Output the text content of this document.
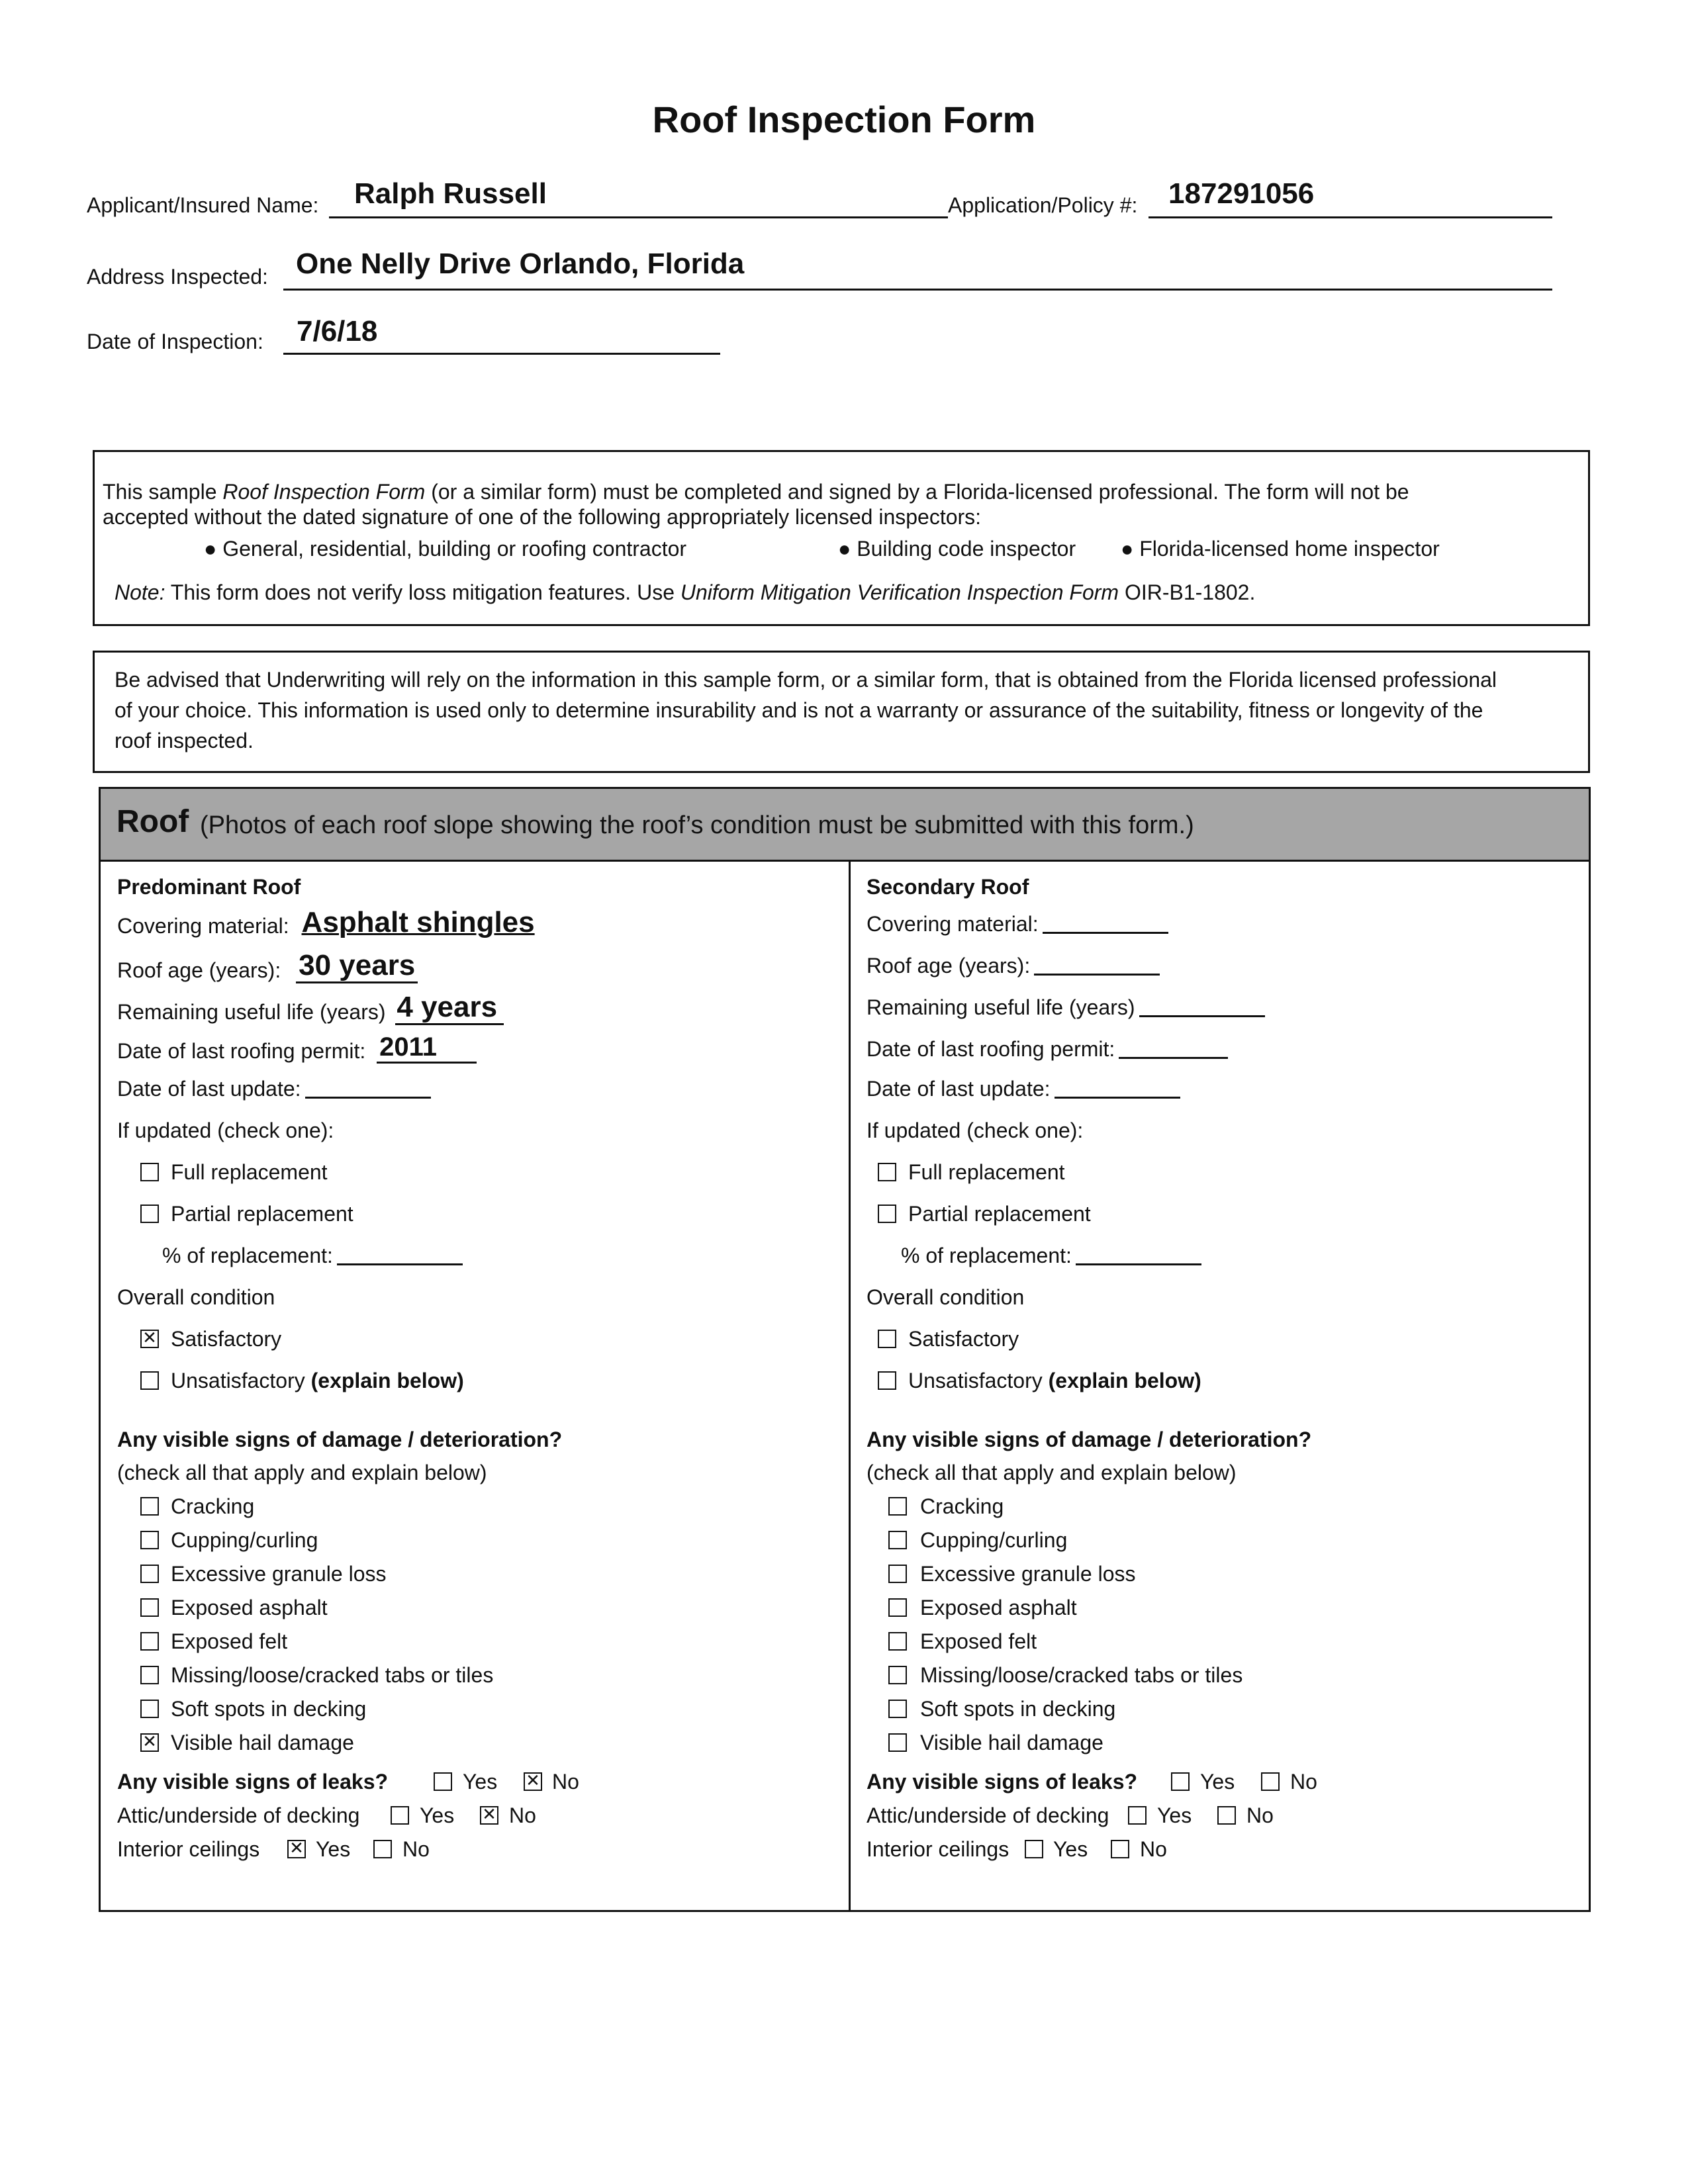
Roof Inspection Form
Applicant/Insured Name: Ralph Russell	Application/Policy #: 187291056
Address Inspected: One Nelly Drive Orlando, Florida
Date of Inspection: 7/6/18
This sample Roof Inspection Form (or a similar form) must be completed and signed by a Florida-licensed professional. The form will not be
accepted without the dated signature of one of the following appropriately licensed inspectors:
● General, residential, building or roofing contractor	● Building code inspector ● Florida-licensed home inspector
Note: This form does not verify loss mitigation features. Use Uniform Mitigation Verification Inspection Form OIR-B1-1802.
Be advised that Underwriting will rely on the information in this sample form, or a similar form, that is obtained from the Florida licensed professional
of your choice. This information is used only to determine insurability and is not a warranty or assurance of the suitability, fitness or longevity of the
roof inspected.
Roof (Photos of each roof slope showing the roof’s condition must be submitted with this form.)
Predominant Roof
Covering material: Asphalt shingles
Roof age (years): 30 years
Remaining useful life (years) 4 years
Date of last roofing permit: 2011
Date of last update:
If updated (check one):
Full replacement
Partial replacement
% of replacement:
Overall condition
✕ Satisfactory
Unsatisfactory (explain below)
Any visible signs of damage / deterioration?
(check all that apply and explain below)
Cracking
Cupping/curling
Excessive granule loss
Exposed asphalt
Exposed felt
Missing/loose/cracked tabs or tiles
Soft spots in decking
✕ Visible hail damage
Any visible signs of leaks?	Yes ✕ No
Attic/underside of decking	Yes ✕ No
Interior ceilings ✕ Yes No
Secondary Roof
Covering material:
Roof age (years):
Remaining useful life (years)
Date of last roofing permit:
Date of last update:
If updated (check one):
Full replacement
Partial replacement
% of replacement:
Overall condition
Satisfactory
Unsatisfactory (explain below)
Any visible signs of damage / deterioration?
(check all that apply and explain below)
Cracking
Cupping/curling
Excessive granule loss
Exposed asphalt
Exposed felt
Missing/loose/cracked tabs or tiles
Soft spots in decking
Visible hail damage
Any visible signs of leaks?	Yes	No
Attic/underside of decking Yes	No
Interior ceilings Yes No
